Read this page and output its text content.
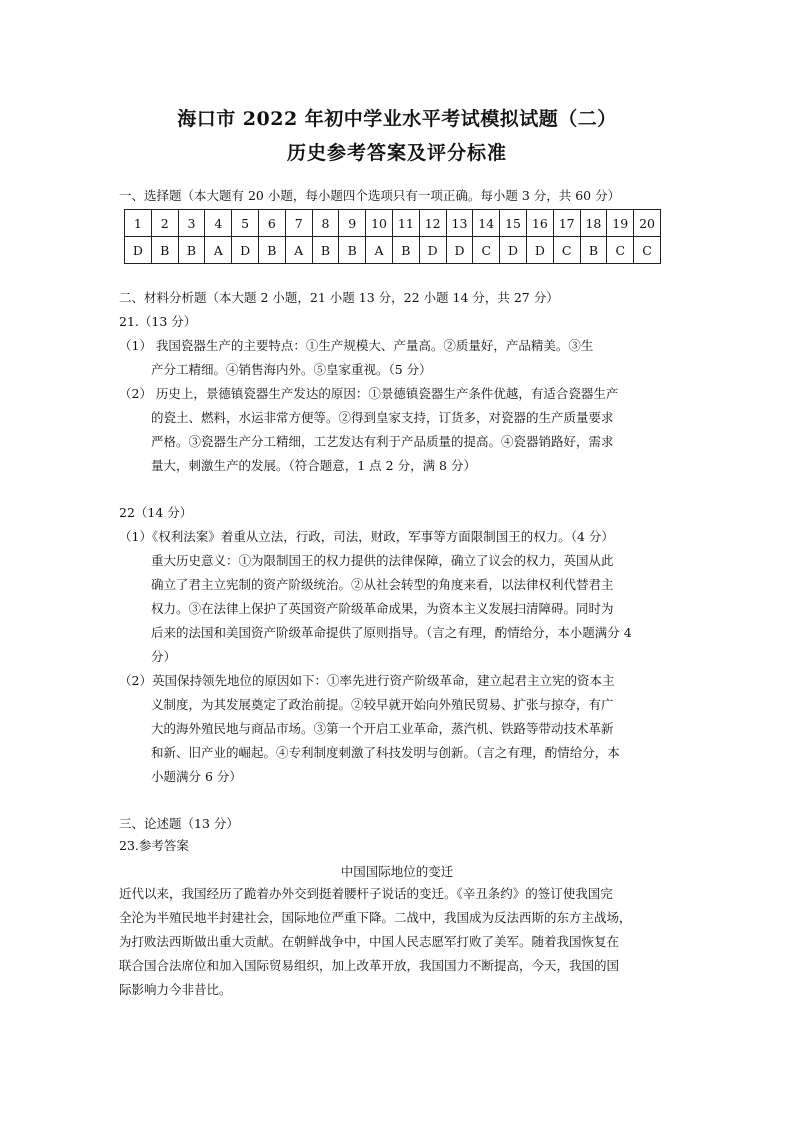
海口市 2022 年初中学业水平考试模拟试题（二）
历史参考答案及评分标准
一、选择题（本大题有 20 小题，每小题四个选项只有一项正确。每小题 3 分，共 60 分）
1	2	3	4	5	6	7	8	9	10	11	12	13	14	15	16	17	18	19	20
D	B	B	A	D	B	A	B	B	A	B	D	D	C	D	D	C	B	C	C
二、材料分析题（本大题 2 小题，21 小题 13 分，22 小题 14 分，共 27 分）
21.（13 分）
（1） 我国瓷器生产的主要特点：①生产规模大、产量高。②质量好，产品精美。③生
产分工精细。④销售海内外。⑤皇家重视。（5 分）
（2） 历史上，景德镇瓷器生产发达的原因：①景德镇瓷器生产条件优越，有适合瓷器生产
的瓷土、燃料，水运非常方便等。②得到皇家支持，订货多，对瓷器的生产质量要求
严格。③瓷器生产分工精细，工艺发达有利于产品质量的提高。④瓷器销路好，需求
量大，刺激生产的发展。（符合题意，1 点 2 分，满 8 分）
22（14 分）
（1）《权利法案》着重从立法，行政，司法，财政，军事等方面限制国王的权力。（4 分）
重大历史意义：①为限制国王的权力提供的法律保障，确立了议会的权力，英国从此
确立了君主立宪制的资产阶级统治。②从社会转型的角度来看，以法律权利代替君主
权力。③在法律上保护了英国资产阶级革命成果，为资本主义发展扫清障碍。同时为
后来的法国和美国资产阶级革命提供了原则指导。（言之有理，酌情给分，本小题满分 4
分）
（2）英国保持领先地位的原因如下：①率先进行资产阶级革命，建立起君主立宪的资本主
义制度，为其发展奠定了政治前提。②较早就开始向外殖民贸易、扩张与掠夺，有广
大的海外殖民地与商品市场。③第一个开启工业革命，蒸汽机、铁路等带动技术革新
和新、旧产业的崛起。④专利制度刺激了科技发明与创新。（言之有理，酌情给分，本
小题满分 6 分）
三、论述题（13 分）
23.参考答案
中国国际地位的变迁
近代以来，我国经历了跪着办外交到挺着腰杆子说话的变迁。《辛丑条约》的签订使我国完
全沦为半殖民地半封建社会，国际地位严重下降。二战中，我国成为反法西斯的东方主战场，
为打败法西斯做出重大贡献。在朝鲜战争中，中国人民志愿军打败了美军。随着我国恢复在
联合国合法席位和加入国际贸易组织，加上改革开放，我国国力不断提高，今天，我国的国
际影响力今非昔比。
